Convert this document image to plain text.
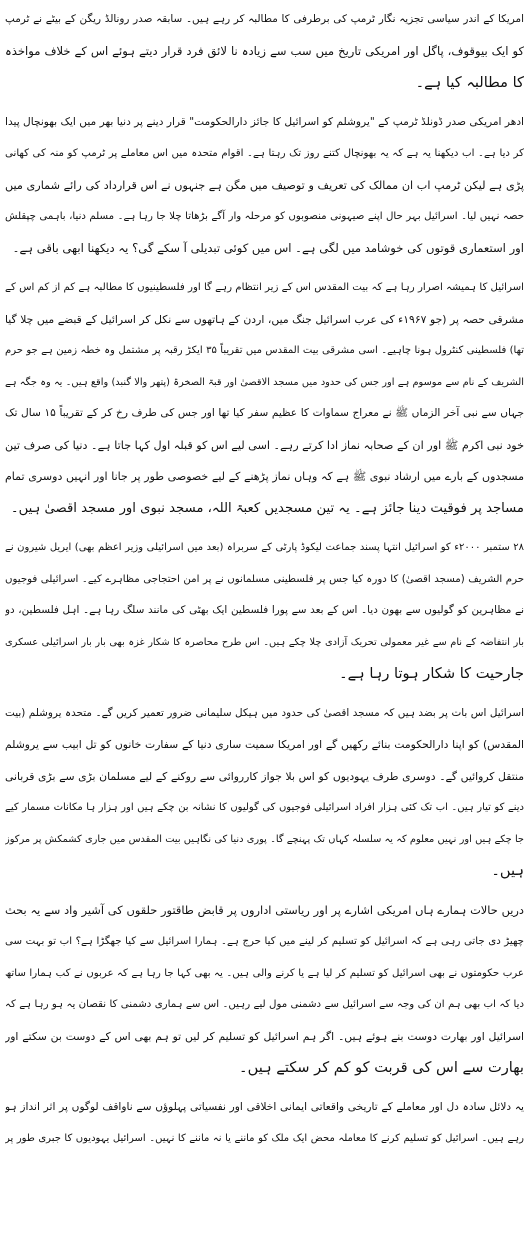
امریکا کے اندر سیاسی تجزیہ نگار ٹرمپ کی برطرفی کا مطالبہ کر رہے ہیں۔ سابقہ صدر رونالڈ ریگن کے بیٹے نے ٹرمپ
کو ایک بیوقوف، پاگل اور امریکی تاریخ میں سب سے زیادہ نا لائق فرد قرار دیتے ہوئے اس کے خلاف مواخذہ
کا مطالبہ کیا ہے۔
ادھر امریکی صدر ڈونلڈ ٹرمپ کے "یروشلم کو اسرائیل کا جائز دارالحکومت" قرار دینے پر دنیا بھر میں ایک بھونچال پیدا
کر دیا ہے۔ اب دیکھنا یہ ہے کہ یہ بھونچال کتنے روز تک رہتا ہے۔ اقوام متحدہ میں اس معاملے پر ٹرمپ کو منہ کی کھانی
پڑی ہے لیکن ٹرمپ اب ان ممالک کی تعریف و توصیف میں مگن ہے جنہوں نے اس قرارداد کی رائے شماری میں
حصہ نہیں لیا۔ اسرائیل بہر حال اپنے صیہونی منصوبوں کو مرحلہ وار آگے بڑھاتا چلا جا رہا ہے۔ مسلم دنیا، باہمی چپقلش
اور استعماری قوتوں کی خوشامد میں لگی ہے۔ اس میں کوئی تبدیلی آ سکے گی؟ یہ دیکھنا ابھی باقی ہے۔
اسرائیل کا ہمیشہ اصرار رہا ہے کہ بیت المقدس اس کے زیر انتظام رہے گا اور فلسطینیوں کا مطالبہ ہے کم از کم اس کے
مشرقی حصہ پر (جو ۱۹۶۷ء کی عرب اسرائیل جنگ میں، اردن کے ہاتھوں سے نکل کر اسرائیل کے قبضے میں چلا گیا
تھا) فلسطینی کنٹرول ہونا چاہیے۔ اسی مشرقی بیت المقدس میں تقریباً ۳۵ ایکڑ رقبہ پر مشتمل وہ خطہ زمین ہے جو حرم
الشریف کے نام سے موسوم ہے اور جس کی حدود میں مسجد الاقصیٰ اور قبۃ الصخرۃ (پتھر والا گنبد) واقع ہیں۔ یہ وہ جگہ ہے
جہاں سے نبی آخر الزماں ﷺ نے معراج سماوات کا عظیم سفر کیا تھا اور جس کی طرف رخ کر کے تقریباً ۱۵ سال تک
خود نبی اکرم ﷺ اور ان کے صحابہ نماز ادا کرتے رہے۔ اسی لیے اس کو قبلہ اول کہا جاتا ہے۔ دنیا کی صرف تین
مسجدوں کے بارے میں ارشاد نبوی ﷺ ہے کہ وہاں نماز پڑھنے کے لیے خصوصی طور پر جانا اور انہیں دوسری تمام
مساجد پر فوقیت دینا جائز ہے۔ یہ تین مسجدیں کعبۃ اللہ، مسجد نبوی اور مسجد اقصیٰ ہیں۔
۲۸ ستمبر ۲۰۰۰ء کو اسرائیل انتہا پسند جماعت لیکوڈ پارٹی کے سربراہ (بعد میں اسرائیلی وزیر اعظم بھی) ایریل شیرون نے
حرم الشریف (مسجد اقصیٰ) کا دورہ کیا جس پر فلسطینی مسلمانوں نے پر امن احتجاجی مظاہرے کیے۔ اسرائیلی فوجیوں
نے مظاہرین کو گولیوں سے بھون دیا۔ اس کے بعد سے پورا فلسطین ایک بھٹی کی مانند سلگ رہا ہے۔ اہل فلسطین، دو
بار انتفاضہ کے نام سے غیر معمولی تحریک آزادی چلا چکے ہیں۔ اس طرح محاصرہ کا شکار غزہ بھی بار بار اسرائیلی عسکری
جارحیت کا شکار ہوتا رہا ہے۔
اسرائیل اس بات پر بضد ہیں کہ مسجد اقصیٰ کی حدود میں ہیکل سلیمانی ضرور تعمیر کریں گے۔ متحدہ یروشلم (بیت
المقدس) کو اپنا دارالحکومت بنائے رکھیں گے اور امریکا سمیت ساری دنیا کے سفارت خانوں کو تل ابیب سے یروشلم
منتقل کروائیں گے۔ دوسری طرف یہودیوں کو اس بلا جواز کارروائی سے روکنے کے لیے مسلمان بڑی سے بڑی قربانی
دینے کو تیار ہیں۔ اب تک کئی ہزار افراد اسرائیلی فوجیوں کی گولیوں کا نشانہ بن چکے ہیں اور ہزار ہا مکانات مسمار کیے
جا چکے ہیں اور نہیں معلوم کہ یہ سلسلہ کہاں تک پہنچے گا۔ پوری دنیا کی نگاہیں بیت المقدس میں جاری کشمکش پر مرکوز
ہیں۔
دریں حالات ہمارے ہاں امریکی اشارے پر اور ریاستی اداروں پر قابض طاقتور حلقوں کی آشیر واد سے یہ بحث
چھیڑ دی جاتی رہی ہے کہ اسرائیل کو تسلیم کر لینے میں کیا حرج ہے۔ ہمارا اسرائیل سے کیا جھگڑا ہے؟ اب تو بہت سی
عرب حکومتوں نے بھی اسرائیل کو تسلیم کر لیا ہے یا کرنے والی ہیں۔ یہ بھی کہا جا رہا ہے کہ عربوں نے کب ہمارا ساتھ
دیا کہ اب بھی ہم ان کی وجہ سے اسرائیل سے دشمنی مول لیے رہیں۔ اس سے ہماری دشمنی کا نقصان یہ ہو رہا ہے کہ
اسرائیل اور بھارت دوست بنے ہوئے ہیں۔ اگر ہم اسرائیل کو تسلیم کر لیں تو ہم بھی اس کے دوست بن سکتے اور
بھارت سے اس کی قربت کو کم کر سکتے ہیں۔
یہ دلائل سادہ دل اور معاملے کے تاریخی واقعاتی ایمانی اخلاقی اور نفسیاتی پہلوؤں سے ناواقف لوگوں پر اثر انداز ہو
رہے ہیں۔ اسرائیل کو تسلیم کرنے کا معاملہ محض ایک ملک کو ماننے یا نہ ماننے کا نہیں۔ اسرائیل یہودیوں کا جبری طور پر
